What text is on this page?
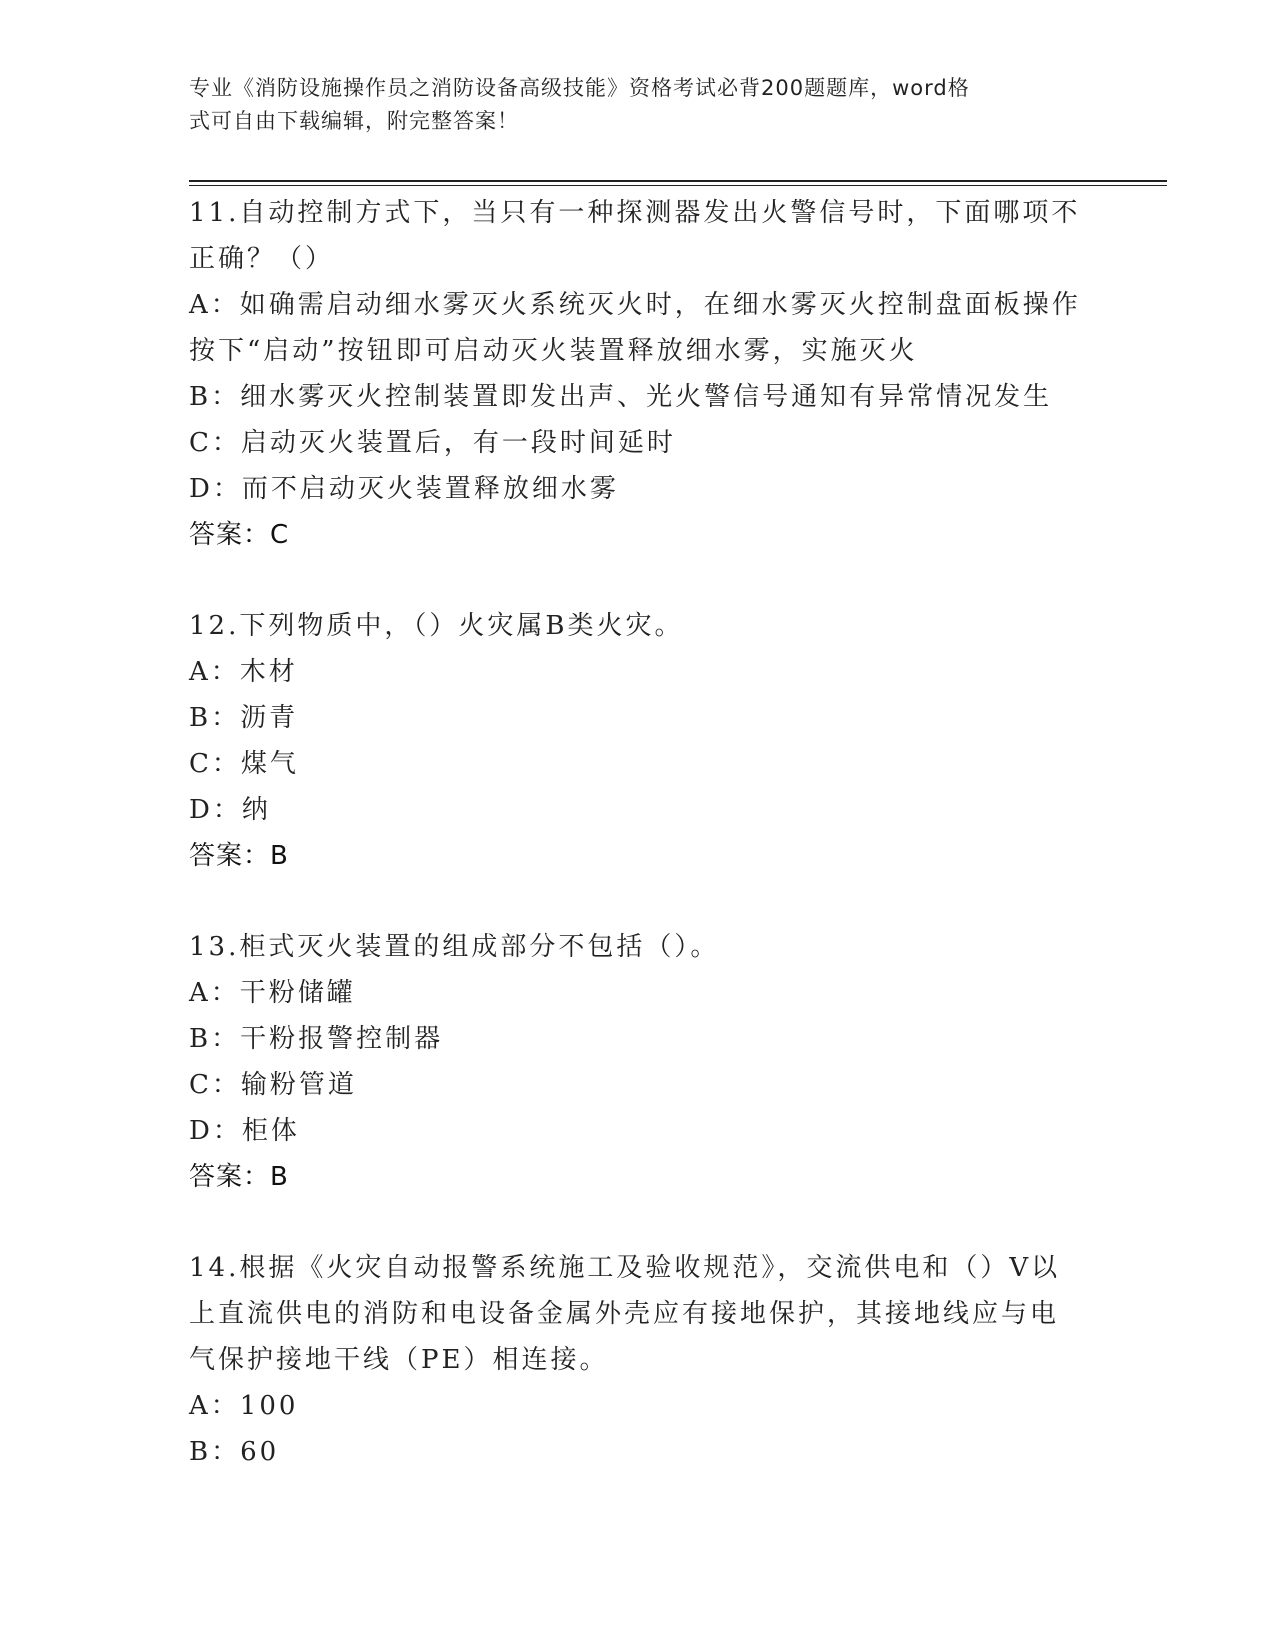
专业《消防设施操作员之消防设备高级技能》资格考试必背200题题库，word格
式可自由下载编辑，附完整答案！
11.自动控制方式下，当只有一种探测器发出火警信号时，下面哪项不
正确？（）
A：如确需启动细水雾灭火系统灭火时，在细水雾灭火控制盘面板操作
按下“启动”按钮即可启动灭火装置释放细水雾，实施灭火
B：细水雾灭火控制装置即发出声、光火警信号通知有异常情况发生
C：启动灭火装置后，有一段时间延时
D：而不启动灭火装置释放细水雾
答案：C
12.下列物质中，（）火灾属B类火灾。
A：木材
B：沥青
C：煤气
D：纳
答案：B
13.柜式灭火装置的组成部分不包括（）。
A：干粉储罐
B：干粉报警控制器
C：输粉管道
D：柜体
答案：B
14.根据《火灾自动报警系统施工及验收规范》，交流供电和（）V以
上直流供电的消防和电设备金属外壳应有接地保护，其接地线应与电
气保护接地干线（PE）相连接。
A：100
B：60
